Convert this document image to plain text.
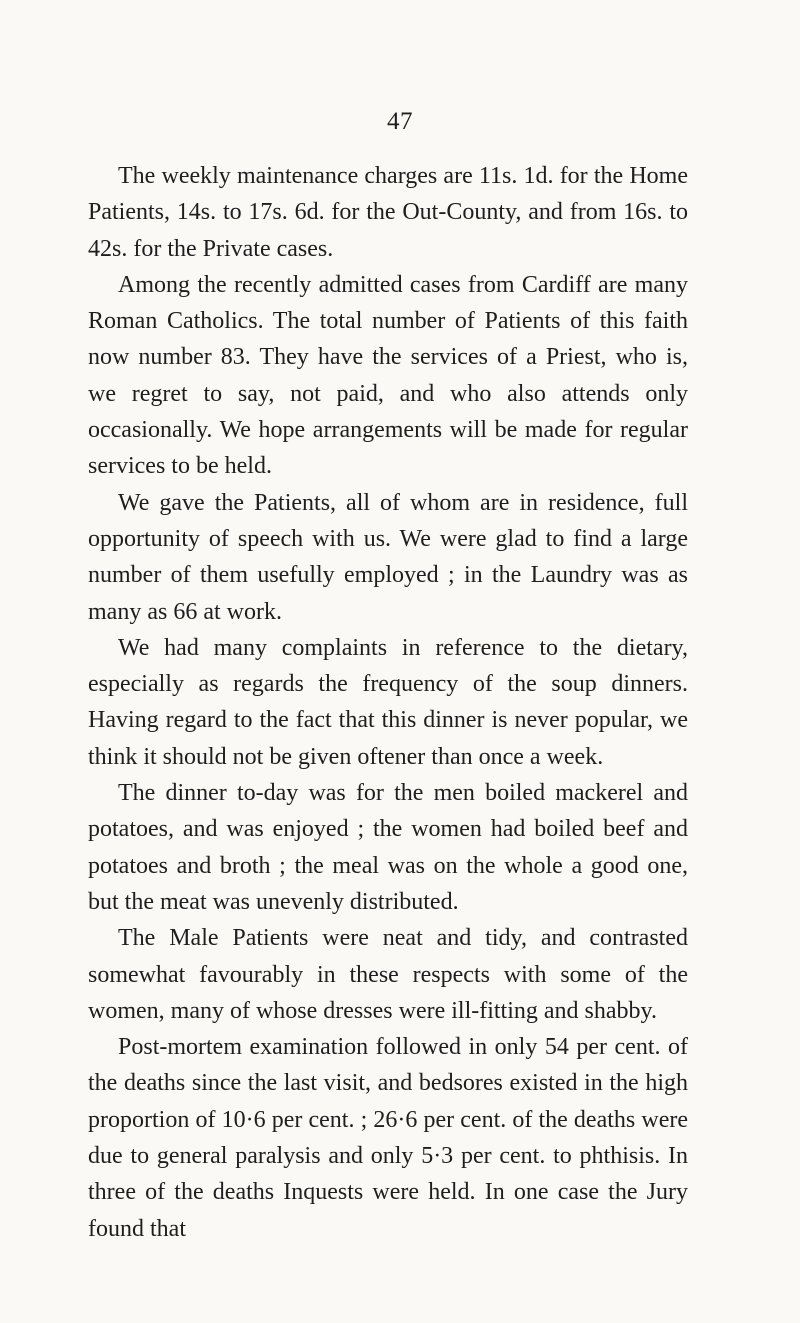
47

The weekly maintenance charges are 11s. 1d. for the Home Patients, 14s. to 17s. 6d. for the Out-County, and from 16s. to 42s. for the Private cases.

Among the recently admitted cases from Cardiff are many Roman Catholics. The total number of Patients of this faith now number 83. They have the services of a Priest, who is, we regret to say, not paid, and who also attends only occasionally. We hope arrangements will be made for regular services to be held.

We gave the Patients, all of whom are in residence, full opportunity of speech with us. We were glad to find a large number of them usefully employed ; in the Laundry was as many as 66 at work.

We had many complaints in reference to the dietary, especially as regards the frequency of the soup dinners. Having regard to the fact that this dinner is never popular, we think it should not be given oftener than once a week.

The dinner to-day was for the men boiled mackerel and potatoes, and was enjoyed ; the women had boiled beef and potatoes and broth ; the meal was on the whole a good one, but the meat was unevenly distributed.

The Male Patients were neat and tidy, and contrasted somewhat favourably in these respects with some of the women, many of whose dresses were ill-fitting and shabby.

Post-mortem examination followed in only 54 per cent. of the deaths since the last visit, and bedsores existed in the high proportion of 10·6 per cent. ; 26·6 per cent. of the deaths were due to general paralysis and only 5·3 per cent. to phthisis. In three of the deaths Inquests were held. In one case the Jury found that
